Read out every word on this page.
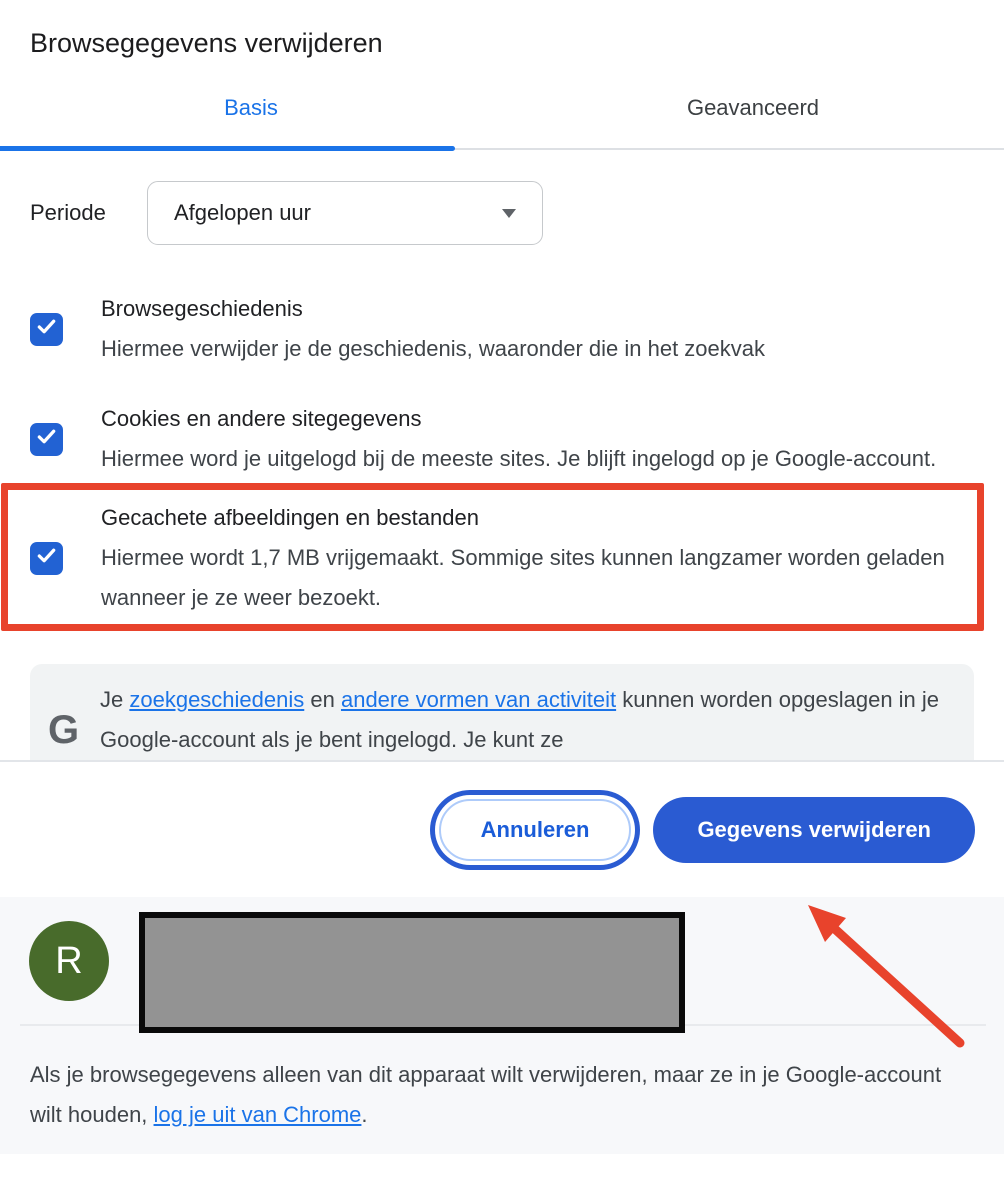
Browsegegevens verwijderen
Basis	Geavanceerd
Periode	Afgelopen uur
Browsegeschiedenis
Hiermee verwijder je de geschiedenis, waaronder die in het zoekvak
Cookies en andere sitegegevens
Hiermee word je uitgelogd bij de meeste sites. Je blijft ingelogd op je Google-account.
Gecachete afbeeldingen en bestanden
Hiermee wordt 1,7 MB vrijgemaakt. Sommige sites kunnen langzamer worden geladen wanneer je ze weer bezoekt.
G
Je zoekgeschiedenis en andere vormen van activiteit kunnen worden opgeslagen in je Google-account als je bent ingelogd. Je kunt ze
Annuleren	Gegevens verwijderen
R
Als je browsegegevens alleen van dit apparaat wilt verwijderen, maar ze in je Google-account wilt houden, log je uit van Chrome.
